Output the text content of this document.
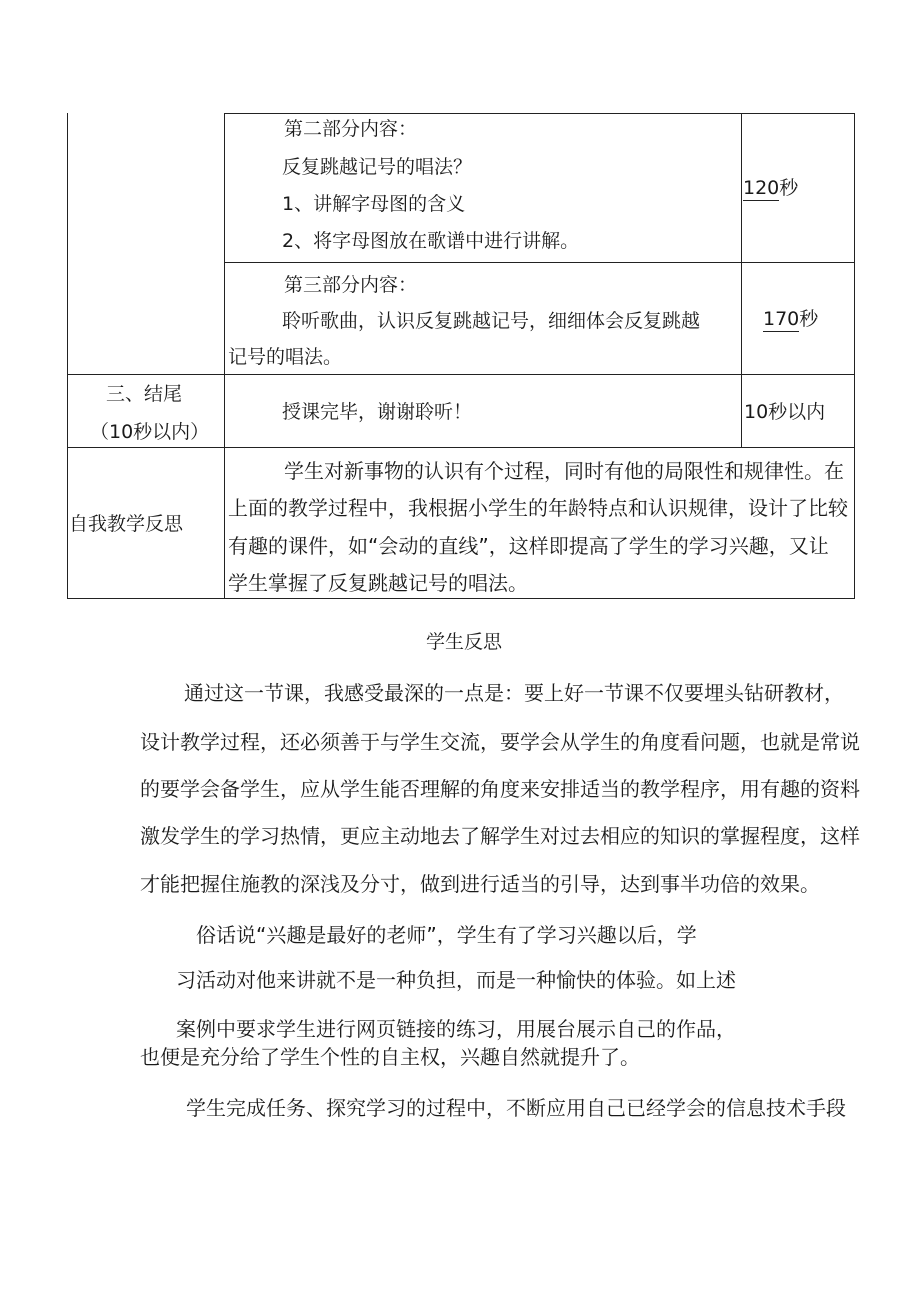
第二部分内容：
反复跳越记号的唱法？
1、讲解字母图的含义
2、将字母图放在歌谱中进行讲解。
120秒
第三部分内容：
聆听歌曲，认识反复跳越记号，细细体会反复跳越
记号的唱法。
170秒
三、结尾
（10秒以内）
授课完毕，谢谢聆听！	10秒以内
自我教学反思
学生对新事物的认识有个过程，同时有他的局限性和规律性。在
上面的教学过程中，我根据小学生的年龄特点和认识规律，设计了比较
有趣的课件，如“会动的直线”，这样即提高了学生的学习兴趣，又让
学生掌握了反复跳越记号的唱法。
学生反思
通过这一节课，我感受最深的一点是：要上好一节课不仅要埋头钻研教材，
设计教学过程，还必须善于与学生交流，要学会从学生的角度看问题，也就是常说
的要学会备学生，应从学生能否理解的角度来安排适当的教学程序，用有趣的资料
激发学生的学习热情，更应主动地去了解学生对过去相应的知识的掌握程度，这样
才能把握住施教的深浅及分寸，做到进行适当的引导，达到事半功倍的效果。
俗话说“兴趣是最好的老师”，学生有了学习兴趣以后，学
习活动对他来讲就不是一种负担，而是一种愉快的体验。如上述
案例中要求学生进行网页链接的练习，用展台展示自己的作品，
也便是充分给了学生个性的自主权，兴趣自然就提升了。
学生完成任务、探究学习的过程中，不断应用自己已经学会的信息技术手段
